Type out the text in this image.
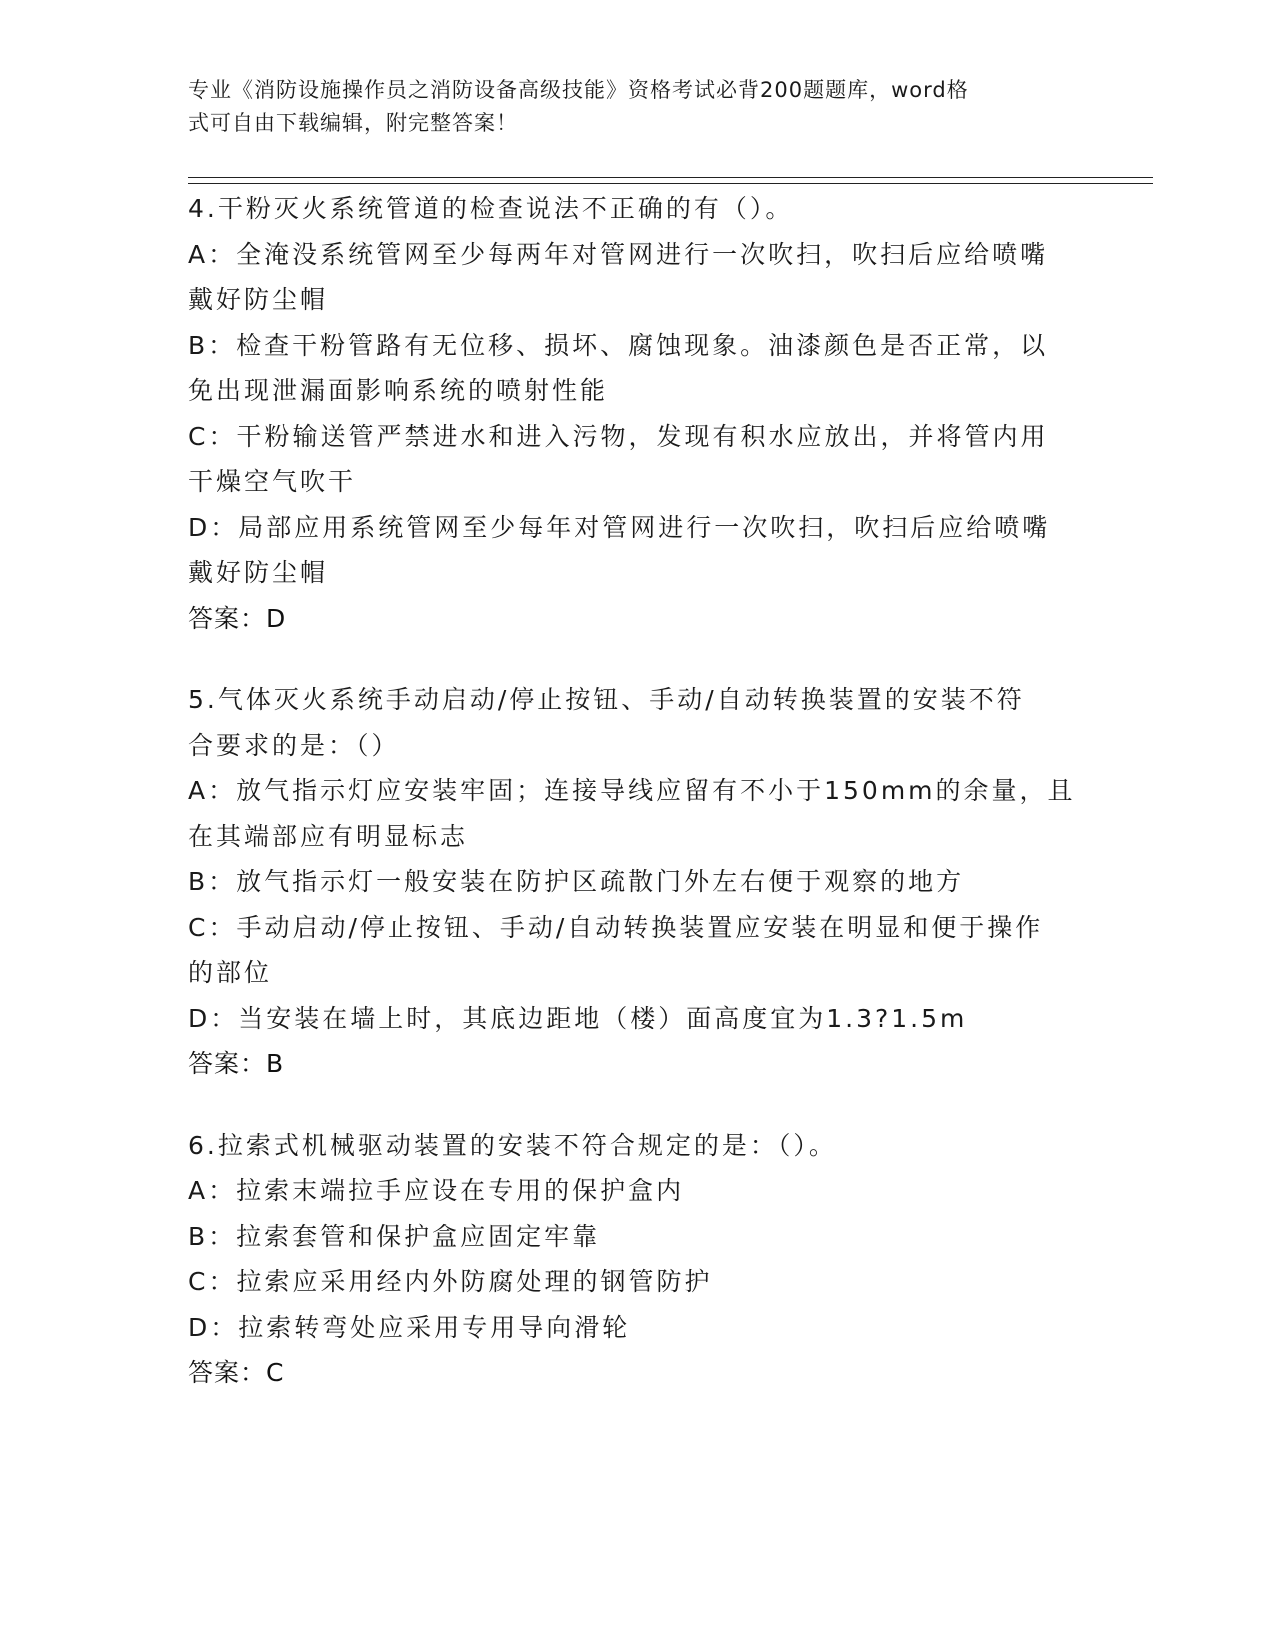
专业《消防设施操作员之消防设备高级技能》资格考试必背200题题库，word格
式可自由下载编辑，附完整答案！
4.干粉灭火系统管道的检查说法不正确的有（）。
A：全淹没系统管网至少每两年对管网进行一次吹扫，吹扫后应给喷嘴
戴好防尘帽
B：检查干粉管路有无位移、损坏、腐蚀现象。油漆颜色是否正常，以
免出现泄漏面影响系统的喷射性能
C：干粉输送管严禁进水和进入污物，发现有积水应放出，并将管内用
干燥空气吹干
D：局部应用系统管网至少每年对管网进行一次吹扫，吹扫后应给喷嘴
戴好防尘帽
答案：D
5.气体灭火系统手动启动/停止按钮、手动/自动转换装置的安装不符
合要求的是：（）
A：放气指示灯应安装牢固；连接导线应留有不小于150mm的余量，且
在其端部应有明显标志
B：放气指示灯一般安装在防护区疏散门外左右便于观察的地方
C：手动启动/停止按钮、手动/自动转换装置应安装在明显和便于操作
的部位
D：当安装在墙上时，其底边距地（楼）面高度宜为1.3?1.5m
答案：B
6.拉索式机械驱动装置的安装不符合规定的是：（）。
A：拉索末端拉手应设在专用的保护盒内
B：拉索套管和保护盒应固定牢靠
C：拉索应采用经内外防腐处理的钢管防护
D：拉索转弯处应采用专用导向滑轮
答案：C
